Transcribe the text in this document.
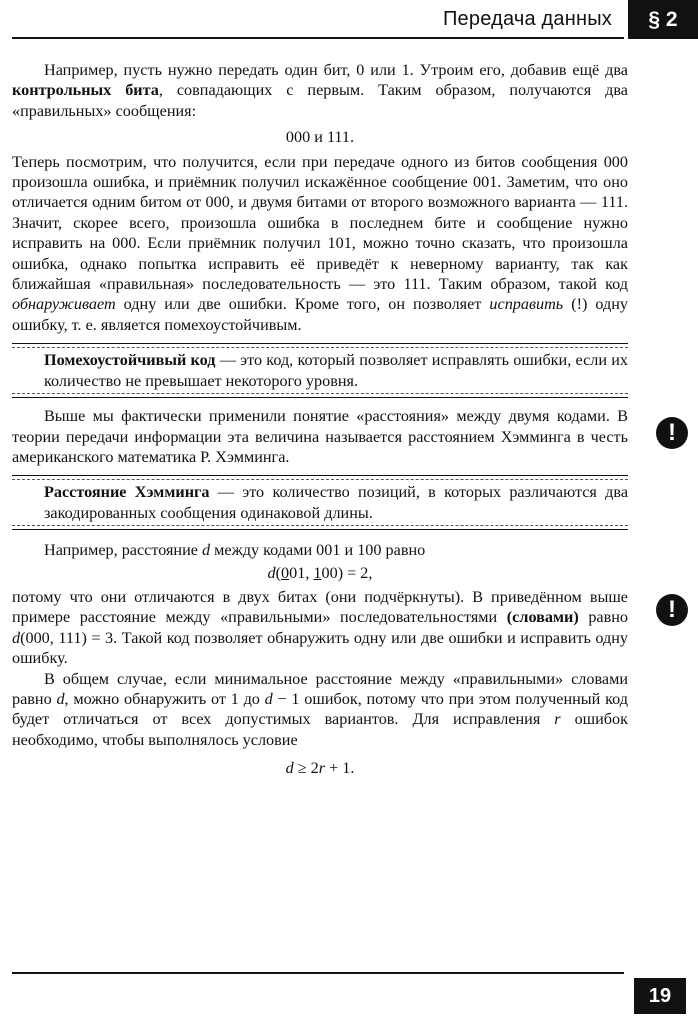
Передача данных	§ 2

Например, пусть нужно передать один бит, 0 или 1. Утроим его, добавив ещё два контрольных бита, совпадающих с первым. Таким образом, получаются два «правильных» сообщения:

000 и 111.

Теперь посмотрим, что получится, если при передаче одного из битов сообщения 000 произошла ошибка, и приёмник получил искажённое сообщение 001. Заметим, что оно отличается одним битом от 000, и двумя битами от второго возможного варианта — 111. Значит, скорее всего, произошла ошибка в последнем бите и сообщение нужно исправить на 000. Если приёмник получил 101, можно точно сказать, что произошла ошибка, однако попытка исправить её приведёт к неверному варианту, так как ближайшая «правильная» последовательность — это 111. Таким образом, такой код обнаруживает одну или две ошибки. Кроме того, он позволяет исправить (!) одну ошибку, т. е. является помехоустойчивым.

Помехоустойчивый код — это код, который позволяет исправлять ошибки, если их количество не превышает некоторого уровня.

Выше мы фактически применили понятие «расстояния» между двумя кодами. В теории передачи информации эта величина называется расстоянием Хэмминга в честь американского математика Р. Хэмминга.

Расстояние Хэмминга — это количество позиций, в которых различаются два закодированных сообщения одинаковой длины.

Например, расстояние d между кодами 001 и 100 равно

d(001, 100) = 2,

потому что они отличаются в двух битах (они подчёркнуты). В приведённом выше примере расстояние между «правильными» последовательностями (словами) равно d(000, 111) = 3. Такой код позволяет обнаружить одну или две ошибки и исправить одну ошибку.

В общем случае, если минимальное расстояние между «правильными» словами равно d, можно обнаружить от 1 до d − 1 ошибок, потому что при этом полученный код будет отличаться от всех допустимых вариантов. Для исправления r ошибок необходимо, чтобы выполнялось условие

d ≥ 2r + 1.

!
!
19
